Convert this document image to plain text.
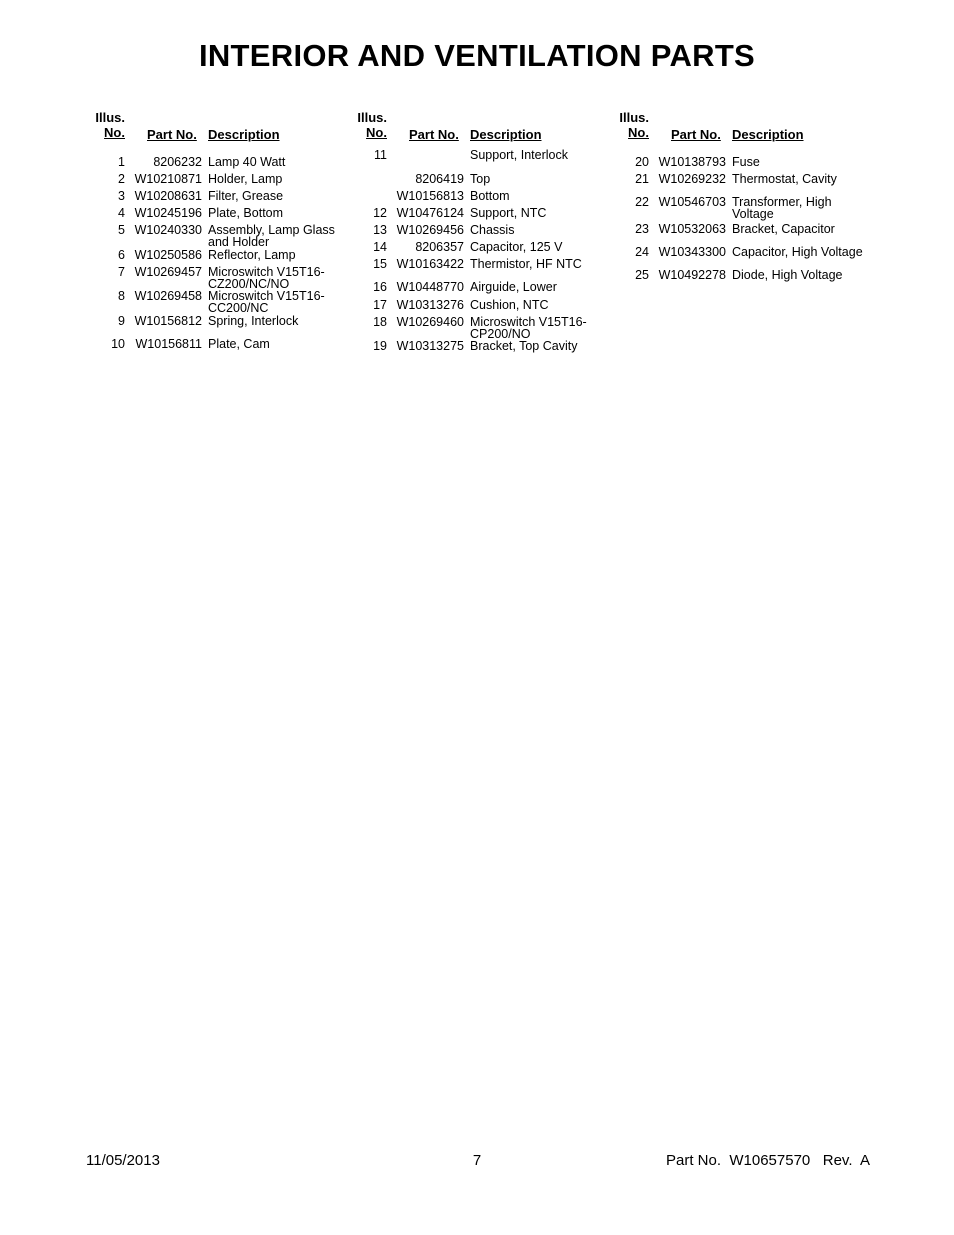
INTERIOR AND VENTILATION PARTS
Illus.
No. Part No. Description
1	8206232 Lamp 40 Watt
2 W10210871 Holder, Lamp
3 W10208631 Filter, Grease
4 W10245196 Plate, Bottom
5 W10240330 Assembly, Lamp Glass and Holder
6 W10250586 Reflector, Lamp
7 W10269457 Microswitch V15T16-CZ200/NC/NO
8 W10269458 Microswitch V15T16-CC200/NC
9 W10156812 Spring, Interlock
10 W10156811 Plate, Cam
Illus.
No. Part No. Description
11	Support, Interlock
8206419 Top
W10156813 Bottom
12 W10476124 Support, NTC
13 W10269456 Chassis
14	8206357 Capacitor, 125 V
15 W10163422 Thermistor, HF NTC
16 W10448770 Airguide, Lower
17 W10313276 Cushion, NTC
18 W10269460 Microswitch V15T16-CP200/NO
19 W10313275 Bracket, Top Cavity
Illus.
No. Part No. Description
20 W10138793 Fuse
21 W10269232 Thermostat, Cavity
22 W10546703 Transformer, High Voltage
23 W10532063 Bracket, Capacitor
24 W10343300 Capacitor, High Voltage
25 W10492278 Diode, High Voltage
11/05/2013	7	Part No.  W10657570   Rev.  A
